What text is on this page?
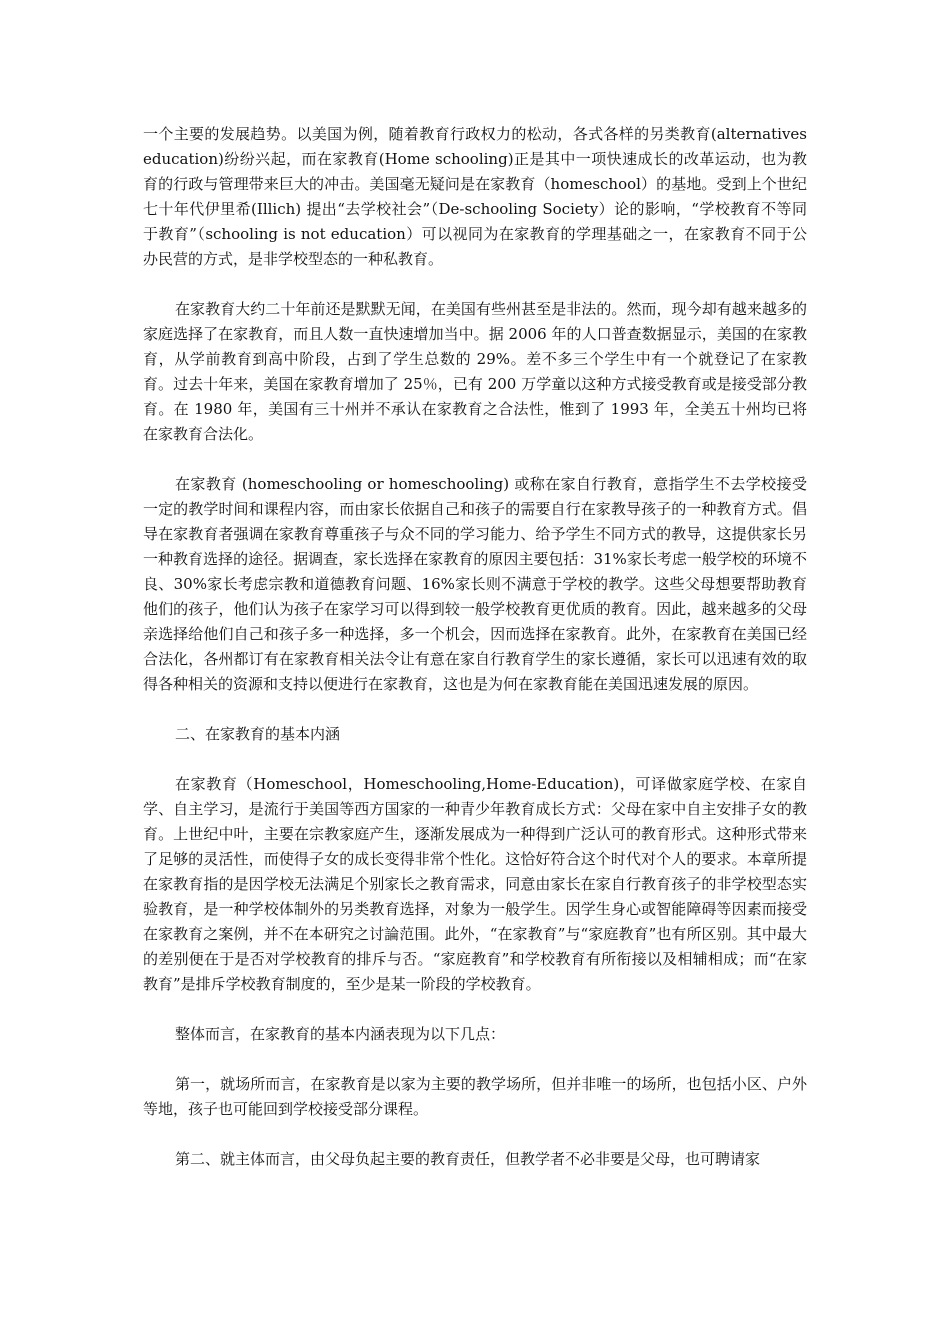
一个主要的发展趋势。以美国为例，随着教育行政权力的松动，各式各样的另类教育(alternatives education)纷纷兴起，而在家教育(Home schooling)正是其中一项快速成长的改革运动，也为教育的行政与管理带来巨大的冲击。美国毫无疑问是在家教育（homeschool）的基地。受到上个世纪七十年代伊里希(Illich) 提出“去学校社会”（De-schooling Society）论的影响，“学校教育不等同于教育”（schooling is not education）可以视同为在家教育的学理基础之一，在家教育不同于公办民营的方式，是非学校型态的一种私教育。

在家教育大约二十年前还是默默无闻，在美国有些州甚至是非法的。然而，现今却有越来越多的家庭选择了在家教育，而且人数一直快速增加当中。据 2006 年的人口普查数据显示，美国的在家教育，从学前教育到高中阶段，占到了学生总数的 29%。差不多三个学生中有一个就登记了在家教育。过去十年来，美国在家教育增加了 25％，已有 200 万学童以这种方式接受教育或是接受部分教育。在 1980 年，美国有三十州并不承认在家教育之合法性，惟到了 1993 年，全美五十州均已将在家教育合法化。

在家教育 (homeschooling or homeschooling) 或称在家自行教育，意指学生不去学校接受一定的教学时间和课程内容，而由家长依据自己和孩子的需要自行在家教导孩子的一种教育方式。倡导在家教育者强调在家教育尊重孩子与众不同的学习能力、给予学生不同方式的教导，这提供家长另一种教育选择的途径。据调查，家长选择在家教育的原因主要包括：31%家长考虑一般学校的环境不良、30%家长考虑宗教和道德教育问题、16%家长则不满意于学校的教学。这些父母想要帮助教育他们的孩子，他们认为孩子在家学习可以得到较一般学校教育更优质的教育。因此，越来越多的父母亲选择给他们自己和孩子多一种选择，多一个机会，因而选择在家教育。此外，在家教育在美国已经合法化，各州都订有在家教育相关法令让有意在家自行教育学生的家长遵循，家长可以迅速有效的取得各种相关的资源和支持以便进行在家教育，这也是为何在家教育能在美国迅速发展的原因。

二、在家教育的基本内涵

在家教育（Homeschool，Homeschooling,Home-Education)，可译做家庭学校、在家自学、自主学习，是流行于美国等西方国家的一种青少年教育成长方式：父母在家中自主安排子女的教育。上世纪中叶，主要在宗教家庭产生，逐渐发展成为一种得到广泛认可的教育形式。这种形式带来了足够的灵活性，而使得子女的成长变得非常个性化。这恰好符合这个时代对个人的要求。本章所提在家教育指的是因学校无法满足个别家长之教育需求，同意由家长在家自行教育孩子的非学校型态实验教育，是一种学校体制外的另类教育选择，对象为一般学生。因学生身心或智能障碍等因素而接受在家教育之案例，并不在本研究之讨論范围。此外，“在家教育”与“家庭教育”也有所区别。其中最大的差别便在于是否对学校教育的排斥与否。“家庭教育”和学校教育有所衔接以及相辅相成；而“在家教育”是排斥学校教育制度的，至少是某一阶段的学校教育。

整体而言，在家教育的基本内涵表现为以下几点：

第一，就场所而言，在家教育是以家为主要的教学场所，但并非唯一的场所，也包括小区、户外等地，孩子也可能回到学校接受部分课程。

第二、就主体而言，由父母负起主要的教育责任，但教学者不必非要是父母，也可聘请家
